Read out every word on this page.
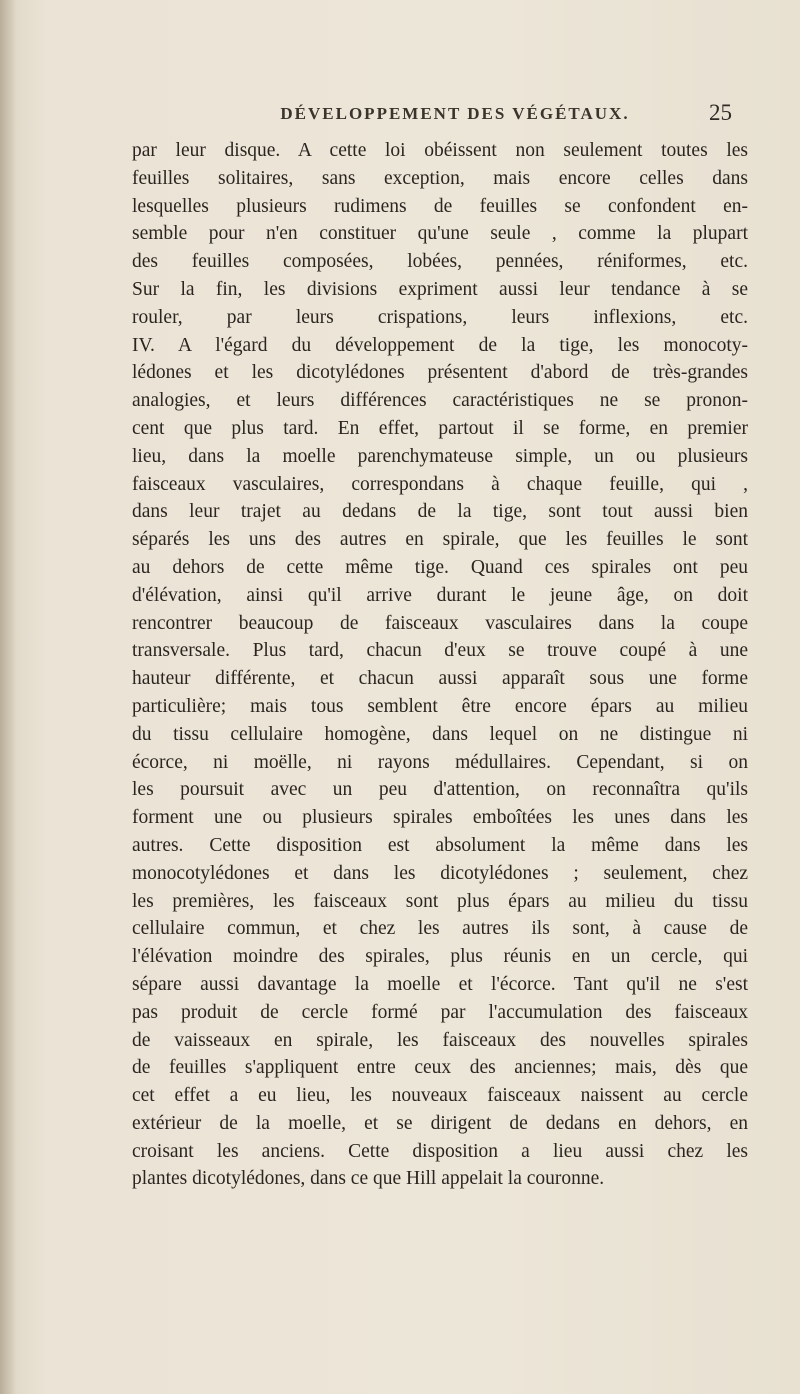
DÉVELOPPEMENT DES VÉGÉTAUX.	25
par leur disque. A cette loi obéissent non seulement toutes les
feuilles solitaires, sans exception, mais encore celles dans
lesquelles plusieurs rudimens de feuilles se confondent en-
semble pour n'en constituer qu'une seule , comme la plupart
des feuilles composées, lobées, pennées, réniformes, etc.
Sur la fin, les divisions expriment aussi leur tendance à se
rouler, par leurs crispations, leurs inflexions, etc.
IV. A l'égard du développement de la tige, les monocoty-
lédones et les dicotylédones présentent d'abord de très-grandes
analogies, et leurs différences caractéristiques ne se pronon-
cent que plus tard. En effet, partout il se forme, en premier
lieu, dans la moelle parenchymateuse simple, un ou plusieurs
faisceaux vasculaires, correspondans à chaque feuille, qui ,
dans leur trajet au dedans de la tige, sont tout aussi bien
séparés les uns des autres en spirale, que les feuilles le sont
au dehors de cette même tige. Quand ces spirales ont peu
d'élévation, ainsi qu'il arrive durant le jeune âge, on doit
rencontrer beaucoup de faisceaux vasculaires dans la coupe
transversale. Plus tard, chacun d'eux se trouve coupé à une
hauteur différente, et chacun aussi apparaît sous une forme
particulière; mais tous semblent être encore épars au milieu
du tissu cellulaire homogène, dans lequel on ne distingue ni
écorce, ni moëlle, ni rayons médullaires. Cependant, si on
les poursuit avec un peu d'attention, on reconnaîtra qu'ils
forment une ou plusieurs spirales emboîtées les unes dans les
autres. Cette disposition est absolument la même dans les
monocotylédones et dans les dicotylédones ; seulement, chez
les premières, les faisceaux sont plus épars au milieu du tissu
cellulaire commun, et chez les autres ils sont, à cause de
l'élévation moindre des spirales, plus réunis en un cercle, qui
sépare aussi davantage la moelle et l'écorce. Tant qu'il ne s'est
pas produit de cercle formé par l'accumulation des faisceaux
de vaisseaux en spirale, les faisceaux des nouvelles spirales
de feuilles s'appliquent entre ceux des anciennes; mais, dès que
cet effet a eu lieu, les nouveaux faisceaux naissent au cercle
extérieur de la moelle, et se dirigent de dedans en dehors, en
croisant les anciens. Cette disposition a lieu aussi chez les
plantes dicotylédones, dans ce que Hill appelait la couronne.
